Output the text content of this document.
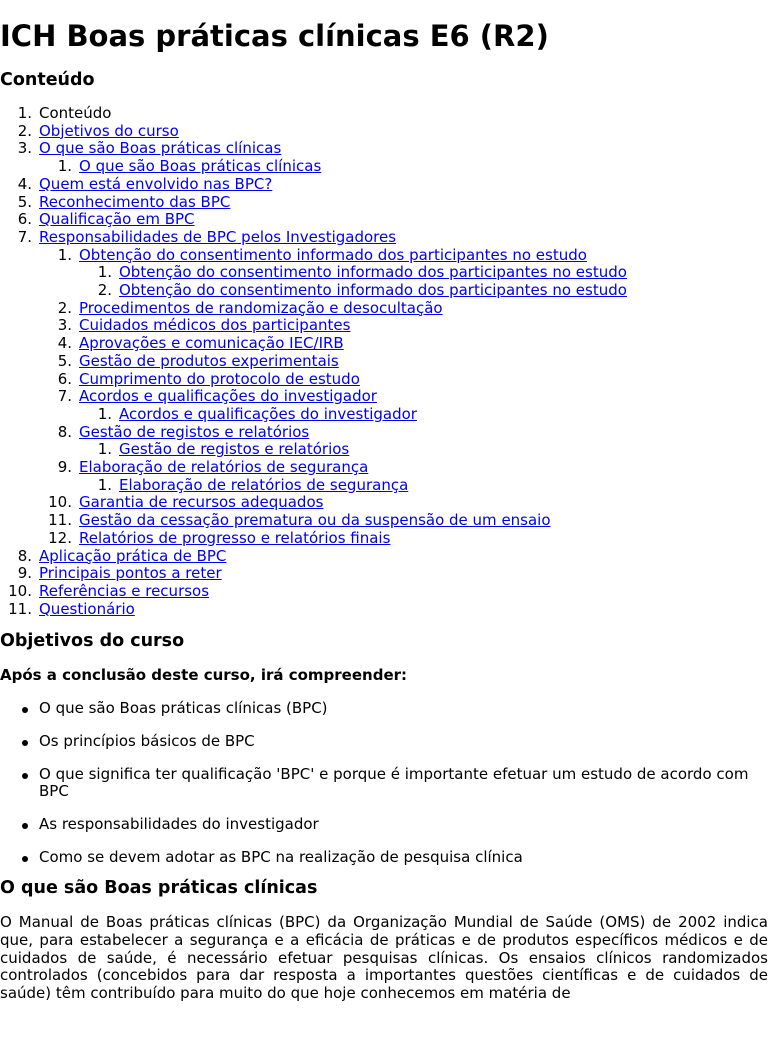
ICH Boas práticas clínicas E6 (R2)
Conteúdo
1. Conteúdo
2. Objetivos do curso
3. O que são Boas práticas clínicas
1. O que são Boas práticas clínicas
4. Quem está envolvido nas BPC?
5. Reconhecimento das BPC
6. Qualificação em BPC
7. Responsabilidades de BPC pelos Investigadores
1. Obtenção do consentimento informado dos participantes no estudo
1. Obtenção do consentimento informado dos participantes no estudo
2. Obtenção do consentimento informado dos participantes no estudo
2. Procedimentos de randomização e desocultação
3. Cuidados médicos dos participantes
4. Aprovações e comunicação IEC/IRB
5. Gestão de produtos experimentais
6. Cumprimento do protocolo de estudo
7. Acordos e qualificações do investigador
1. Acordos e qualificações do investigador
8. Gestão de registos e relatórios
1. Gestão de registos e relatórios
9. Elaboração de relatórios de segurança
1. Elaboração de relatórios de segurança
10. Garantia de recursos adequados
11. Gestão da cessação prematura ou da suspensão de um ensaio
12. Relatórios de progresso e relatórios finais
8. Aplicação prática de BPC
9. Principais pontos a reter
10. Referências e recursos
11. Questionário
Objetivos do curso

Após a conclusão deste curso, irá compreender:

O que são Boas práticas clínicas (BPC)
Os princípios básicos de BPC
O que significa ter qualificação 'BPC' e porque é importante efetuar um estudo de acordo com BPC
As responsabilidades do investigador
Como se devem adotar as BPC na realização de pesquisa clínica
O que são Boas práticas clínicas

O Manual de Boas práticas clínicas (BPC) da Organização Mundial de Saúde (OMS) de 2002 indica que, para estabelecer a segurança e a eficácia de práticas e de produtos específicos médicos e de cuidados de saúde, é necessário efetuar pesquisas clínicas. Os ensaios clínicos randomizados controlados (concebidos para dar resposta a importantes questões científicas e de cuidados de saúde) têm contribuído para muito do que hoje conhecemos em matéria de
